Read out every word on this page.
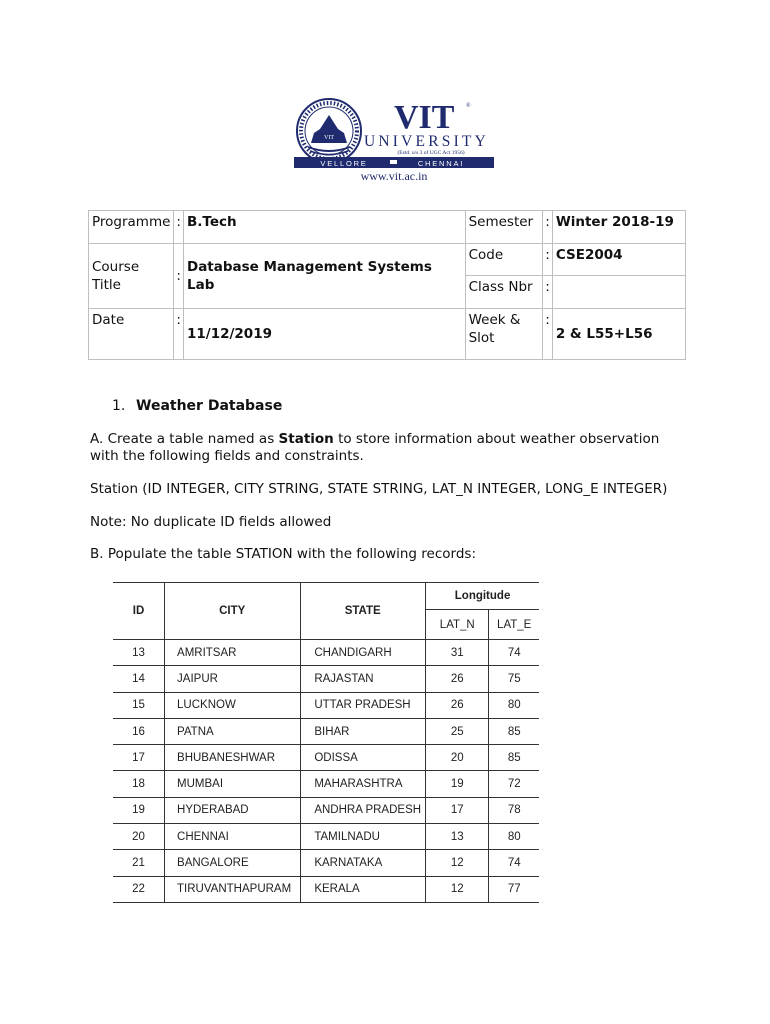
VIT
VIT ®
UNIVERSITY
(Estd. u/s 3 of UGC Act 1956)
VELLORE	CHENNAI
www.vit.ac.in
Programme	:	B.Tech	Semester	:	Winter 2018-19
Course Title	:	Database Management Systems Lab	Code	:	CSE2004
			Class Nbr	:	
Date	:	11/12/2019	Week & Slot	:	2 & L55+L56
1. Weather Database
A. Create a table named as Station to store information about weather observation with the following fields and constraints.
Station (ID INTEGER, CITY STRING, STATE STRING, LAT_N INTEGER, LONG_E INTEGER)
Note: No duplicate ID fields allowed
B. Populate the table STATION with the following records:
ID	CITY	STATE	Longitude	
			LAT_N	LAT_E
13	AMRITSAR	CHANDIGARH	31	74
14	JAIPUR	RAJASTAN	26	75
15	LUCKNOW	UTTAR PRADESH	26	80
16	PATNA	BIHAR	25	85
17	BHUBANESHWAR	ODISSA	20	85
18	MUMBAI	MAHARASHTRA	19	72
19	HYDERABAD	ANDHRA PRADESH	17	78
20	CHENNAI	TAMILNADU	13	80
21	BANGALORE	KARNATAKA	12	74
22	TIRUVANTHAPURAM	KERALA	12	77
